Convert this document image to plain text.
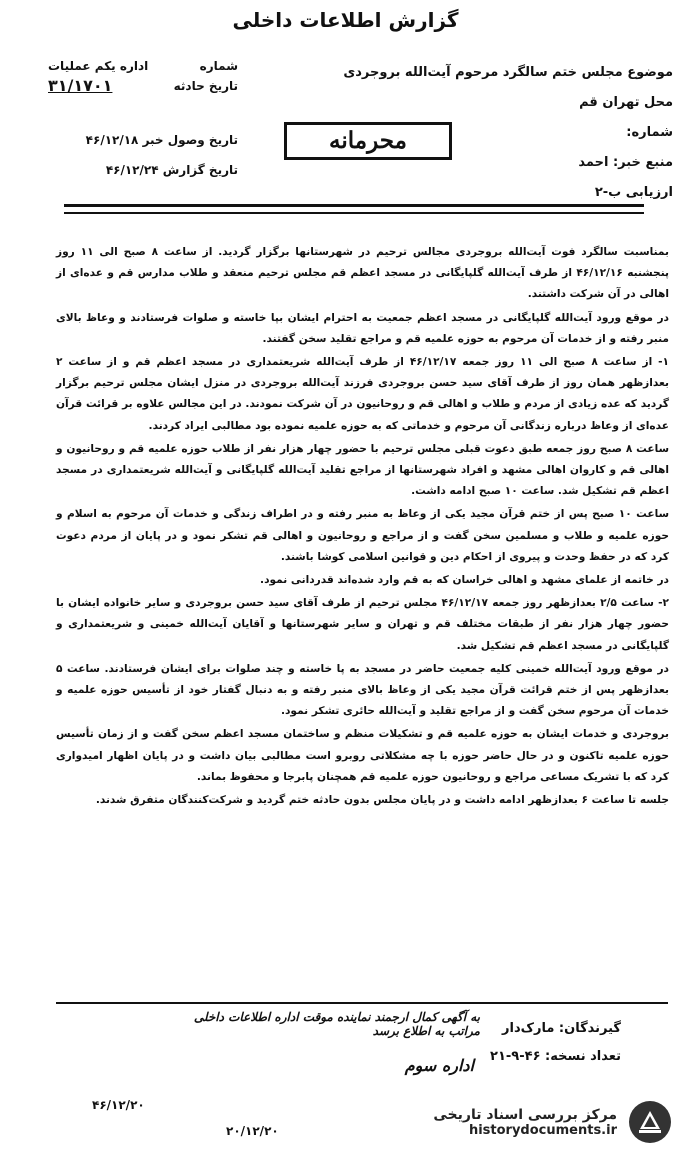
گزارش اطلاعات داخلی
موضوع مجلس ختم سالگرد مرحوم آیت‌الله بروجردی
محل تهران قم
شماره:
منبع خبر: احمد
ارزیابی ب-۲
شماره
اداره یکم عملیات
تاریخ حادثه
۳۱/۱۷۰۱
تاریخ وصول خبر ۴۶/۱۲/۱۸
تاریخ گزارش ۴۶/۱۲/۲۴
محرمانه

بمناسبت سالگرد فوت آیت‌الله بروجردی مجالس ترحیم در شهرستانها برگزار گردید. از ساعت ۸ صبح الی ۱۱ روز پنجشنبه ۴۶/۱۲/۱۶ از طرف آیت‌الله گلپایگانی در مسجد اعظم قم مجلس ترحیم منعقد و طلاب مدارس قم و عده‌ای از اهالی در آن شرکت داشتند.

در موقع ورود آیت‌الله گلپایگانی در مسجد اعظم جمعیت به احترام ایشان بپا خاسته و صلوات فرستادند و وعاظ بالای منبر رفته و از خدمات آن مرحوم به حوزه علمیه قم و مراجع تقلید سخن گفتند.

۱- از ساعت ۸ صبح الی ۱۱ روز جمعه ۴۶/۱۲/۱۷ از طرف آیت‌الله شریعتمداری در مسجد اعظم قم و از ساعت ۲ بعدازظهر همان روز از طرف آقای سید حسن بروجردی فرزند آیت‌الله بروجردی در منزل ایشان مجلس ترحیم برگزار گردید که عده زیادی از مردم و طلاب و اهالی قم و روحانیون در آن شرکت نمودند. در این مجالس علاوه بر قرائت قرآن عده‌ای از وعاظ درباره زندگانی آن مرحوم و خدماتی که به حوزه علمیه نموده بود مطالبی ایراد کردند.

ساعت ۸ صبح روز جمعه طبق دعوت قبلی مجلس ترحیم با حضور چهار هزار نفر از طلاب حوزه علمیه قم و روحانیون و اهالی قم و کاروان اهالی مشهد و افراد شهرستانها از مراجع تقلید آیت‌الله گلپایگانی و آیت‌الله شریعتمداری در مسجد اعظم قم تشکیل شد. ساعت ۱۰ صبح ادامه داشت.

ساعت ۱۰ صبح پس از ختم قرآن مجید یکی از وعاظ به منبر رفته و در اطراف زندگی و خدمات آن مرحوم به اسلام و حوزه علمیه و طلاب و مسلمین سخن گفت و از مراجع و روحانیون و اهالی قم تشکر نمود و در پایان از مردم دعوت کرد که در حفظ وحدت و پیروی از احکام دین و قوانین اسلامی کوشا باشند.

در خاتمه از علمای مشهد و اهالی خراسان که به قم وارد شده‌اند قدردانی نمود.

۲- ساعت ۲/۵ بعدازظهر روز جمعه ۴۶/۱۲/۱۷ مجلس ترحیم از طرف آقای سید حسن بروجردی و سایر خانواده ایشان با حضور چهار هزار نفر از طبقات مختلف قم و تهران و سایر شهرستانها و آقایان آیت‌الله خمینی و شریعتمداری و گلپایگانی در مسجد اعظم قم تشکیل شد.

در موقع ورود آیت‌الله خمینی کلیه جمعیت حاضر در مسجد به پا خاسته و چند صلوات برای ایشان فرستادند. ساعت ۵ بعدازظهر پس از ختم قرائت قرآن مجید یکی از وعاظ بالای منبر رفته و به دنبال گفتار خود از تأسیس حوزه علمیه و خدمات آن مرحوم سخن گفت و از مراجع تقلید و آیت‌الله حائری تشکر نمود.

بروجردی و خدمات ایشان به حوزه علمیه قم و تشکیلات منظم و ساختمان مسجد اعظم سخن گفت و از زمان تأسیس حوزه علمیه تاکنون و در حال حاضر حوزه با چه مشکلاتی روبرو است مطالبی بیان داشت و در پایان اظهار امیدواری کرد که با تشریک مساعی مراجع و روحانیون حوزه علمیه قم همچنان پابرجا و محفوظ بماند.

جلسه تا ساعت ۶ بعدازظهر ادامه داشت و در پایان مجلس بدون حادثه ختم گردید و شرکت‌کنندگان متفرق شدند.

گیرندگان: مارک‌دار
تعداد نسخه: ۴۶-۹-۲۱
به آگهی کمال ارجمند نماینده موقت اداره اطلاعات داخلی مراتب به اطلاع برسد
اداره سوم
۴۶/۱۲/۲۰
۲۰/۱۲/۲۰
مرکز بررسی اسناد تاریخی
historydocuments.ir
